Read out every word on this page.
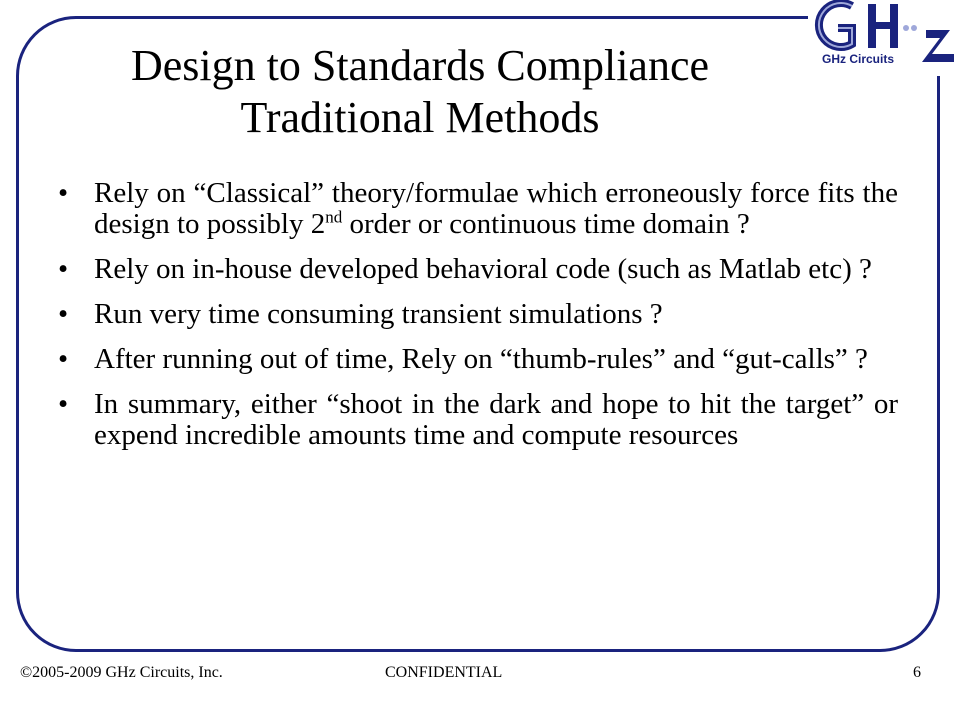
GHz Circuits
Design to Standards Compliance
Traditional Methods
• Rely on “Classical” theory/formulae which erroneously force fits the design to possibly 2nd order or continuous time domain ?
• Rely on in-house developed behavioral code (such as Matlab etc) ?
• Run very time consuming transient simulations ?
• After running out of time, Rely on “thumb-rules” and “gut-calls” ?
• In summary, either “shoot in the dark and hope to hit the target” or expend incredible amounts time and compute resources
©2005-2009 GHz Circuits, Inc.	CONFIDENTIAL	6
